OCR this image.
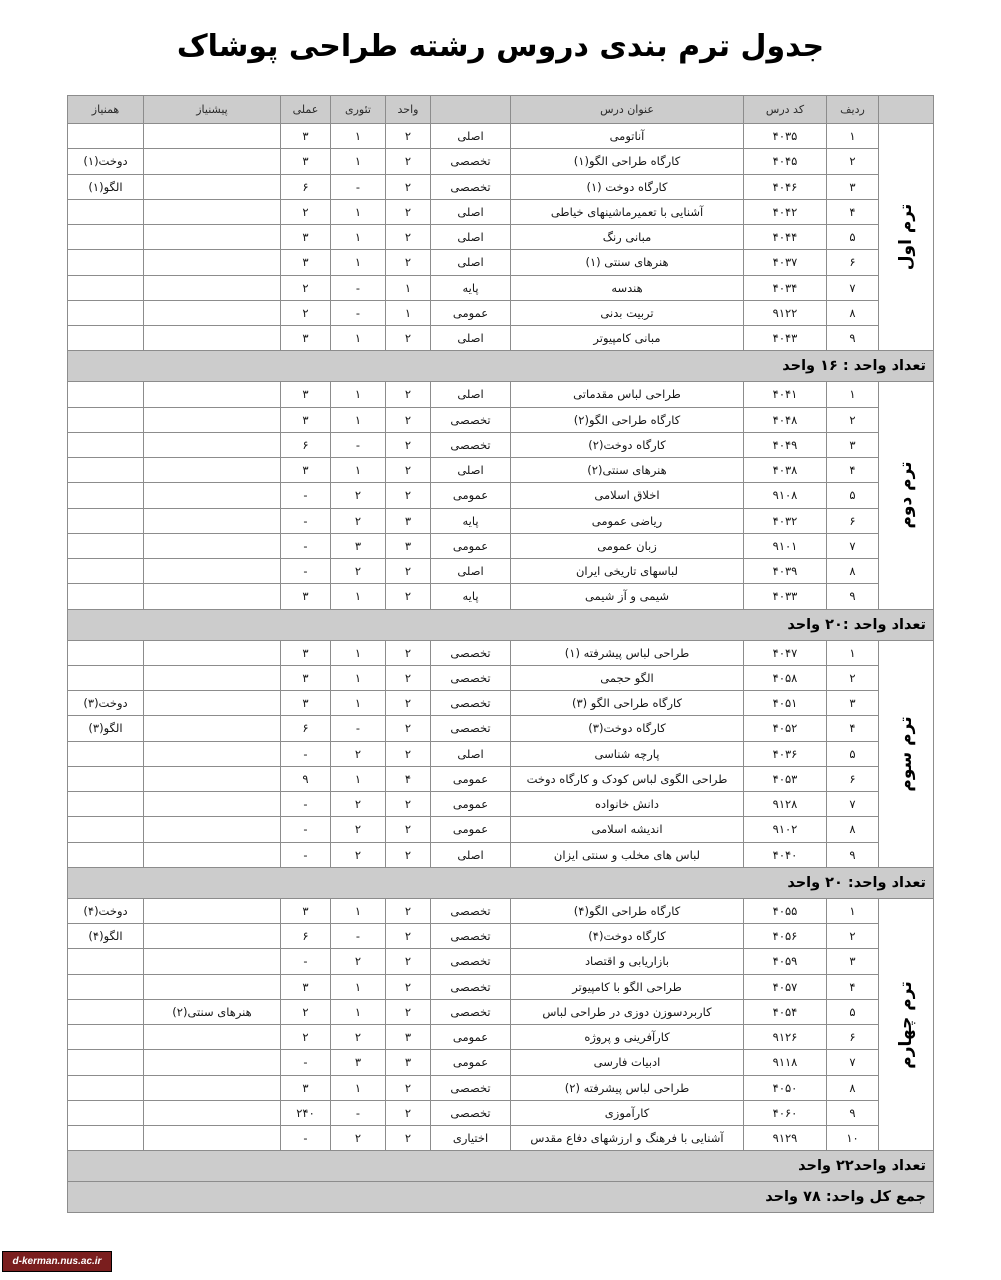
جدول ترم بندی دروس رشته طراحی پوشاک
	ردیف	کد درس	عنوان درس		واحد	تئوری	عملی	پیشنیاز	همنیاز

ترم اول	۱	۴۰۳۵	آناتومی	اصلی	۲	۱	۳		
	۲	۴۰۴۵	کارگاه طراحی الگو(۱)	تخصصی	۲	۱	۳		دوخت(۱)
	۳	۴۰۴۶	کارگاه دوخت (۱)	تخصصی	۲	-	۶		الگو(۱)
	۴	۴۰۴۲	آشنایی با تعمیرماشینهای خیاطی	اصلی	۲	۱	۲		
	۵	۴۰۴۴	مبانی رنگ	اصلی	۲	۱	۳		
	۶	۴۰۳۷	هنرهای سنتی (۱)	اصلی	۲	۱	۳		
	۷	۴۰۳۴	هندسه	پایه	۱	-	۲		
	۸	۹۱۲۲	تربیت بدنی	عمومی	۱	-	۲		
	۹	۴۰۴۳	مبانی کامپیوتر	اصلی	۲	۱	۳		
تعداد واحد : ۱۶ واحد									

ترم دوم	۱	۴۰۴۱	طراحی لباس مقدماتی	اصلی	۲	۱	۳		
	۲	۴۰۴۸	کارگاه طراحی الگو(۲)	تخصصی	۲	۱	۳		
	۳	۴۰۴۹	کارگاه دوخت(۲)	تخصصی	۲	-	۶		
	۴	۴۰۳۸	هنرهای سنتی(۲)	اصلی	۲	۱	۳		
	۵	۹۱۰۸	اخلاق اسلامی	عمومی	۲	۲	-		
	۶	۴۰۳۲	ریاضی عمومی	پایه	۳	۲	-		
	۷	۹۱۰۱	زبان عمومی	عمومی	۳	۳	-		
	۸	۴۰۳۹	لباسهای تاریخی ایران	اصلی	۲	۲	-		
	۹	۴۰۳۳	شیمی و آز شیمی	پایه	۲	۱	۳		
تعداد واحد :۲۰ واحد									

ترم سوم	۱	۴۰۴۷	طراحی لباس پیشرفته (۱)	تخصصی	۲	۱	۳		
	۲	۴۰۵۸	الگو حجمی	تخصصی	۲	۱	۳		
	۳	۴۰۵۱	کارگاه طراحی الگو (۳)	تخصصی	۲	۱	۳		دوخت(۳)
	۴	۴۰۵۲	کارگاه دوخت(۳)	تخصصی	۲	-	۶		الگو(۳)
	۵	۴۰۳۶	پارچه شناسی	اصلی	۲	۲	-		
	۶	۴۰۵۳	طراحی الگوی لباس کودک و کارگاه دوخت	عمومی	۴	۱	۹		
	۷	۹۱۲۸	دانش خانواده	عمومی	۲	۲	-		
	۸	۹۱۰۲	اندیشه اسلامی	عمومی	۲	۲	-		
	۹	۴۰۴۰	لباس های مخلب و سنتی ایزان	اصلی	۲	۲	-		
تعداد واحد: ۲۰ واحد									

ترم چهارم	۱	۴۰۵۵	کارگاه طراحی الگو(۴)	تخصصی	۲	۱	۳		دوخت(۴)
	۲	۴۰۵۶	کارگاه دوخت(۴)	تخصصی	۲	-	۶		الگو(۴)
	۳	۴۰۵۹	بازاریابی و اقتصاد	تخصصی	۲	۲	-		
	۴	۴۰۵۷	طراحی الگو با کامپیوتر	تخصصی	۲	۱	۳		
	۵	۴۰۵۴	کاربردسوزن دوزی در طراحی لباس	تخصصی	۲	۱	۲	هنرهای سنتی(۲)	
	۶	۹۱۲۶	کارآفرینی و پروژه	عمومی	۳	۲	۲		
	۷	۹۱۱۸	ادبیات فارسی	عمومی	۳	۳	-		
	۸	۴۰۵۰	طراحی لباس پیشرفته (۲)	تخصصی	۲	۱	۳		
	۹	۴۰۶۰	کارآموزی	تخصصی	۲	-	۲۴۰		
	۱۰	۹۱۲۹	آشنایی با فرهنگ و ارزشهای دفاع مقدس	اختیاری	۲	۲	-		
تعداد واحد۲۲ واحد									
جمع کل واحد: ۷۸ واحد									
d-kerman.nus.ac.ir
